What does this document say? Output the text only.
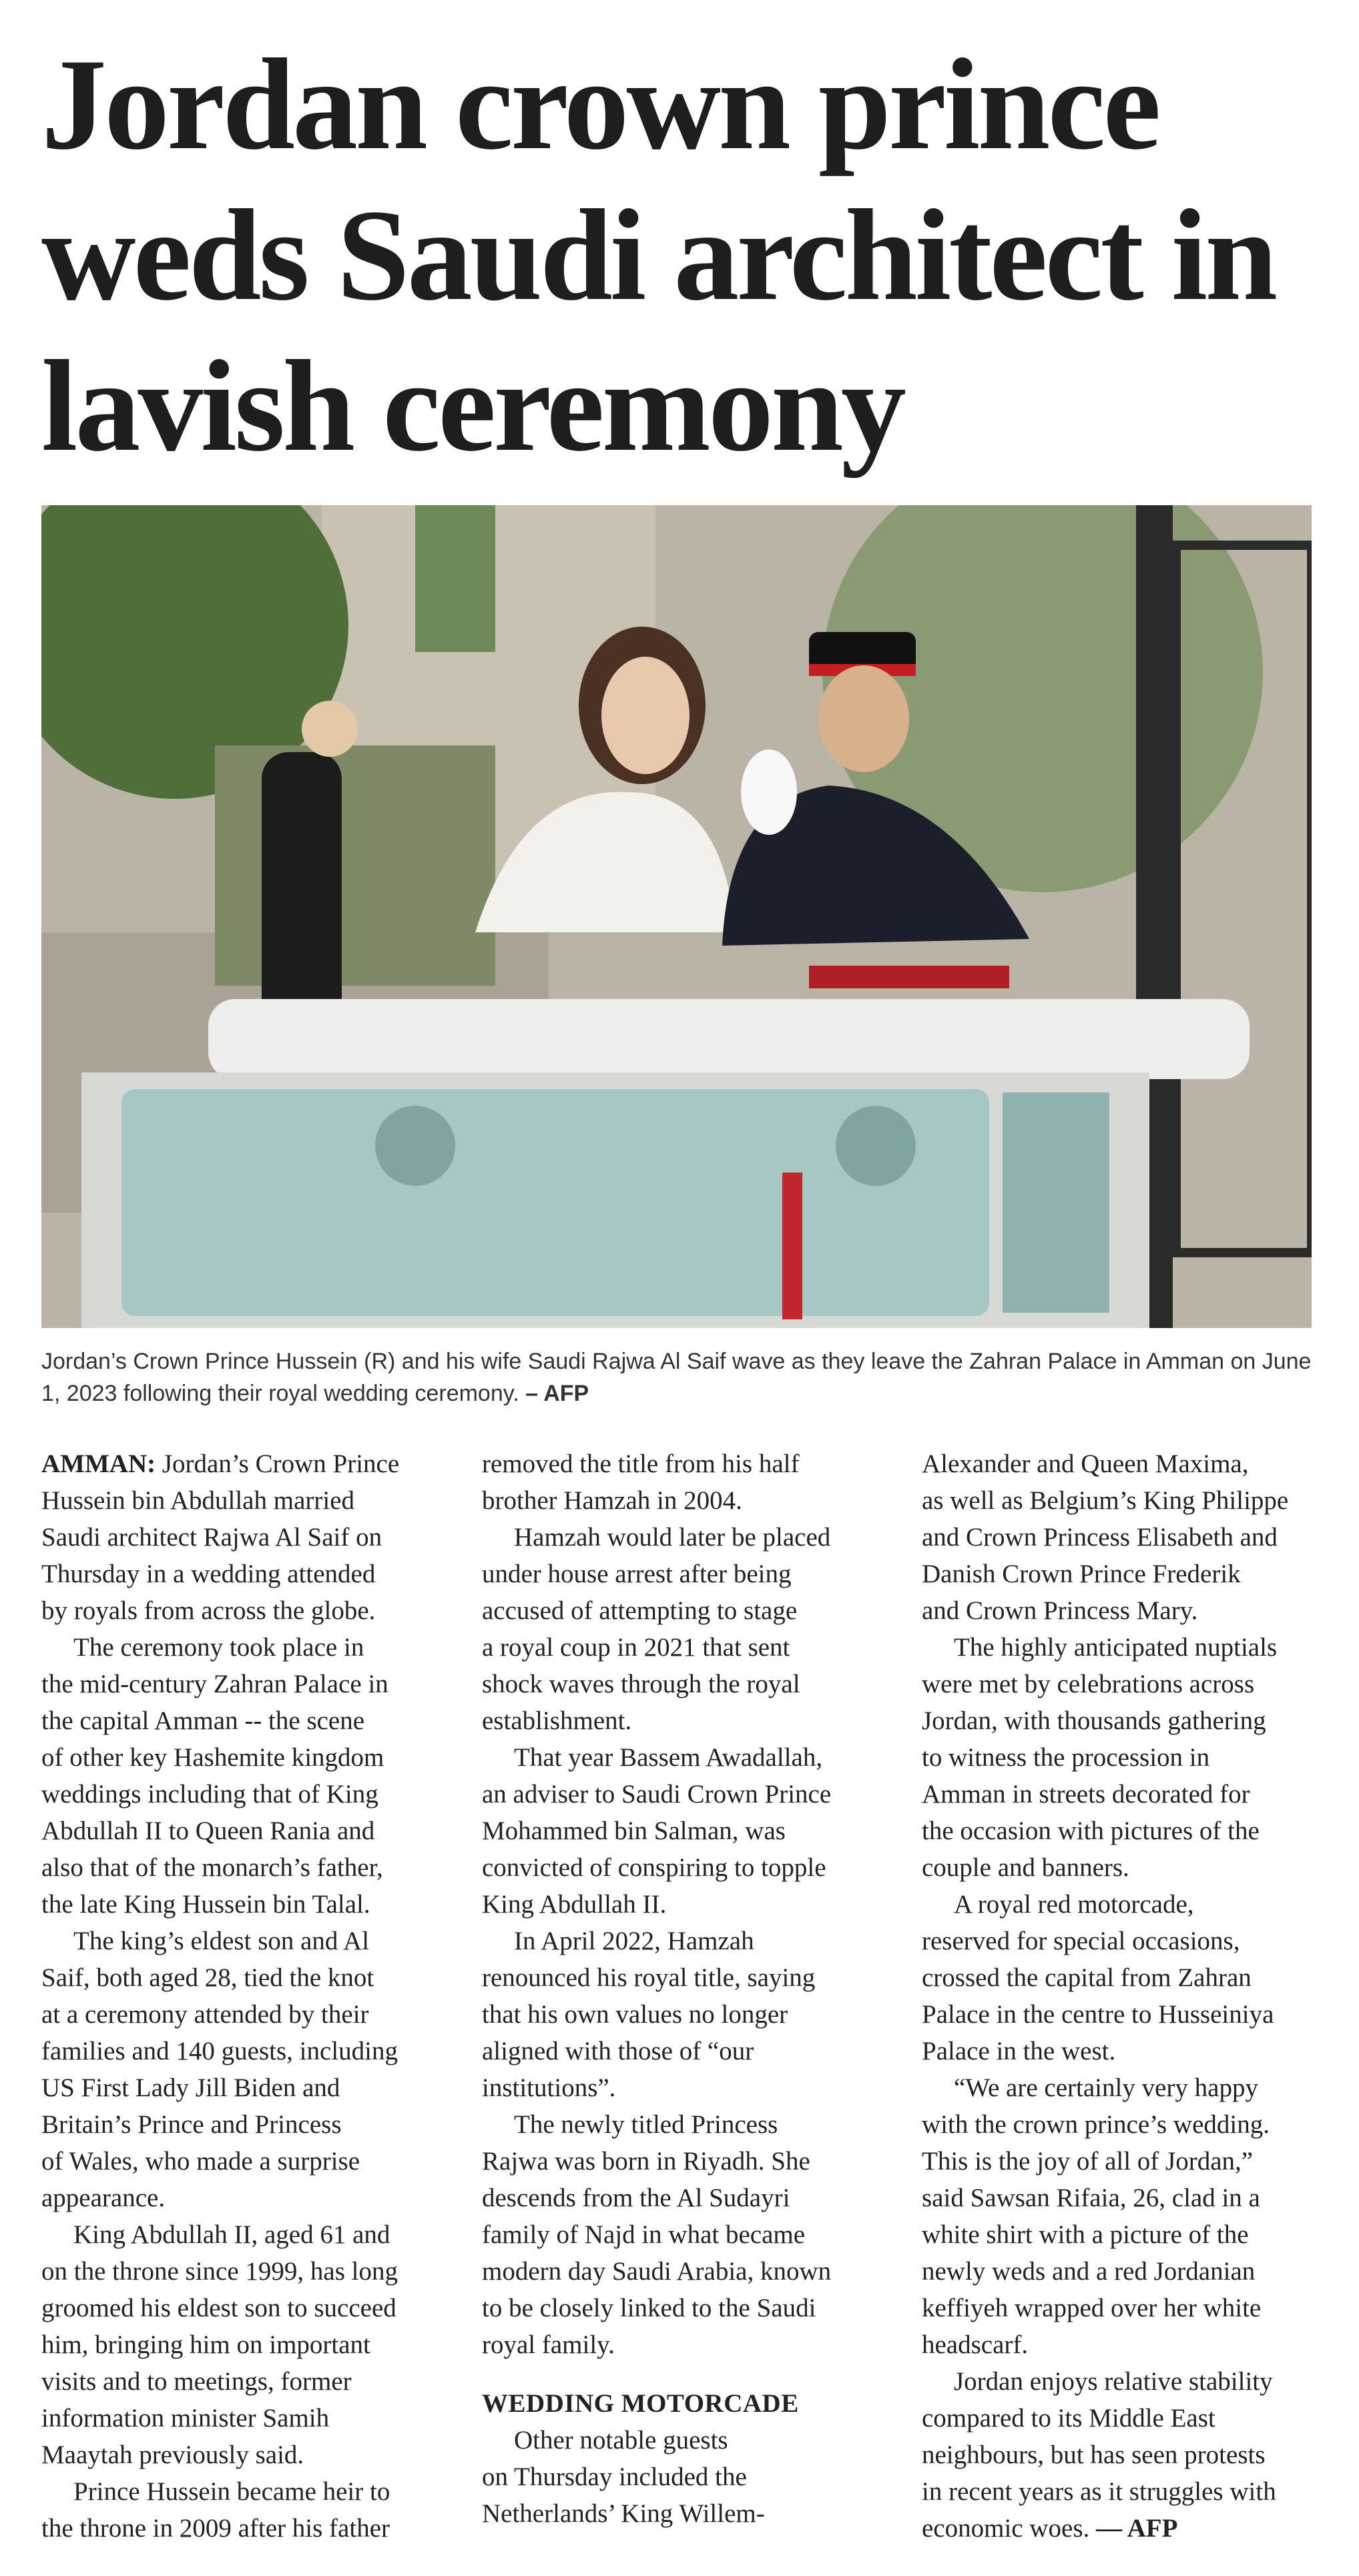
Jordan crown prince
weds Saudi architect in
lavish ceremony
Jordan’s Crown Prince Hussein (R) and his wife Saudi Rajwa Al Saif wave as they leave the Zahran Palace in Amman on June
1, 2023 following their royal wedding ceremony. – AFP

AMMAN: Jordan’s Crown Prince
Hussein bin Abdullah married
Saudi architect Rajwa Al Saif on
Thursday in a wedding attended
by royals from across the globe.

The ceremony took place in
the mid-century Zahran Palace in
the capital Amman -- the scene
of other key Hashemite kingdom
weddings including that of King
Abdullah II to Queen Rania and
also that of the monarch’s father,
the late King Hussein bin Talal.

The king’s eldest son and Al
Saif, both aged 28, tied the knot
at a ceremony attended by their
families and 140 guests, including
US First Lady Jill Biden and
Britain’s Prince and Princess
of Wales, who made a surprise
appearance.

King Abdullah II, aged 61 and
on the throne since 1999, has long
groomed his eldest son to succeed
him, bringing him on important
visits and to meetings, former
information minister Samih
Maaytah previously said.

Prince Hussein became heir to
the throne in 2009 after his father

removed the title from his half
brother Hamzah in 2004.

Hamzah would later be placed
under house arrest after being
accused of attempting to stage
a royal coup in 2021 that sent
shock waves through the royal
establishment.

That year Bassem Awadallah,
an adviser to Saudi Crown Prince
Mohammed bin Salman, was
convicted of conspiring to topple
King Abdullah II.

In April 2022, Hamzah
renounced his royal title, saying
that his own values no longer
aligned with those of “our
institutions”.

The newly titled Princess
Rajwa was born in Riyadh. She
descends from the Al Sudayri
family of Najd in what became
modern day Saudi Arabia, known
to be closely linked to the Saudi
royal family.

WEDDING MOTORCADE

Other notable guests
on Thursday included the
Netherlands’ King Willem-

Alexander and Queen Maxima,
as well as Belgium’s King Philippe
and Crown Princess Elisabeth and
Danish Crown Prince Frederik
and Crown Princess Mary.

The highly anticipated nuptials
were met by celebrations across
Jordan, with thousands gathering
to witness the procession in
Amman in streets decorated for
the occasion with pictures of the
couple and banners.

A royal red motorcade,
reserved for special occasions,
crossed the capital from Zahran
Palace in the centre to Husseiniya
Palace in the west.

“We are certainly very happy
with the crown prince’s wedding.
This is the joy of all of Jordan,”
said Sawsan Rifaia, 26, clad in a
white shirt with a picture of the
newly weds and a red Jordanian
keffiyeh wrapped over her white
headscarf.

Jordan enjoys relative stability
compared to its Middle East
neighbours, but has seen protests
in recent years as it struggles with
economic woes. — AFP
